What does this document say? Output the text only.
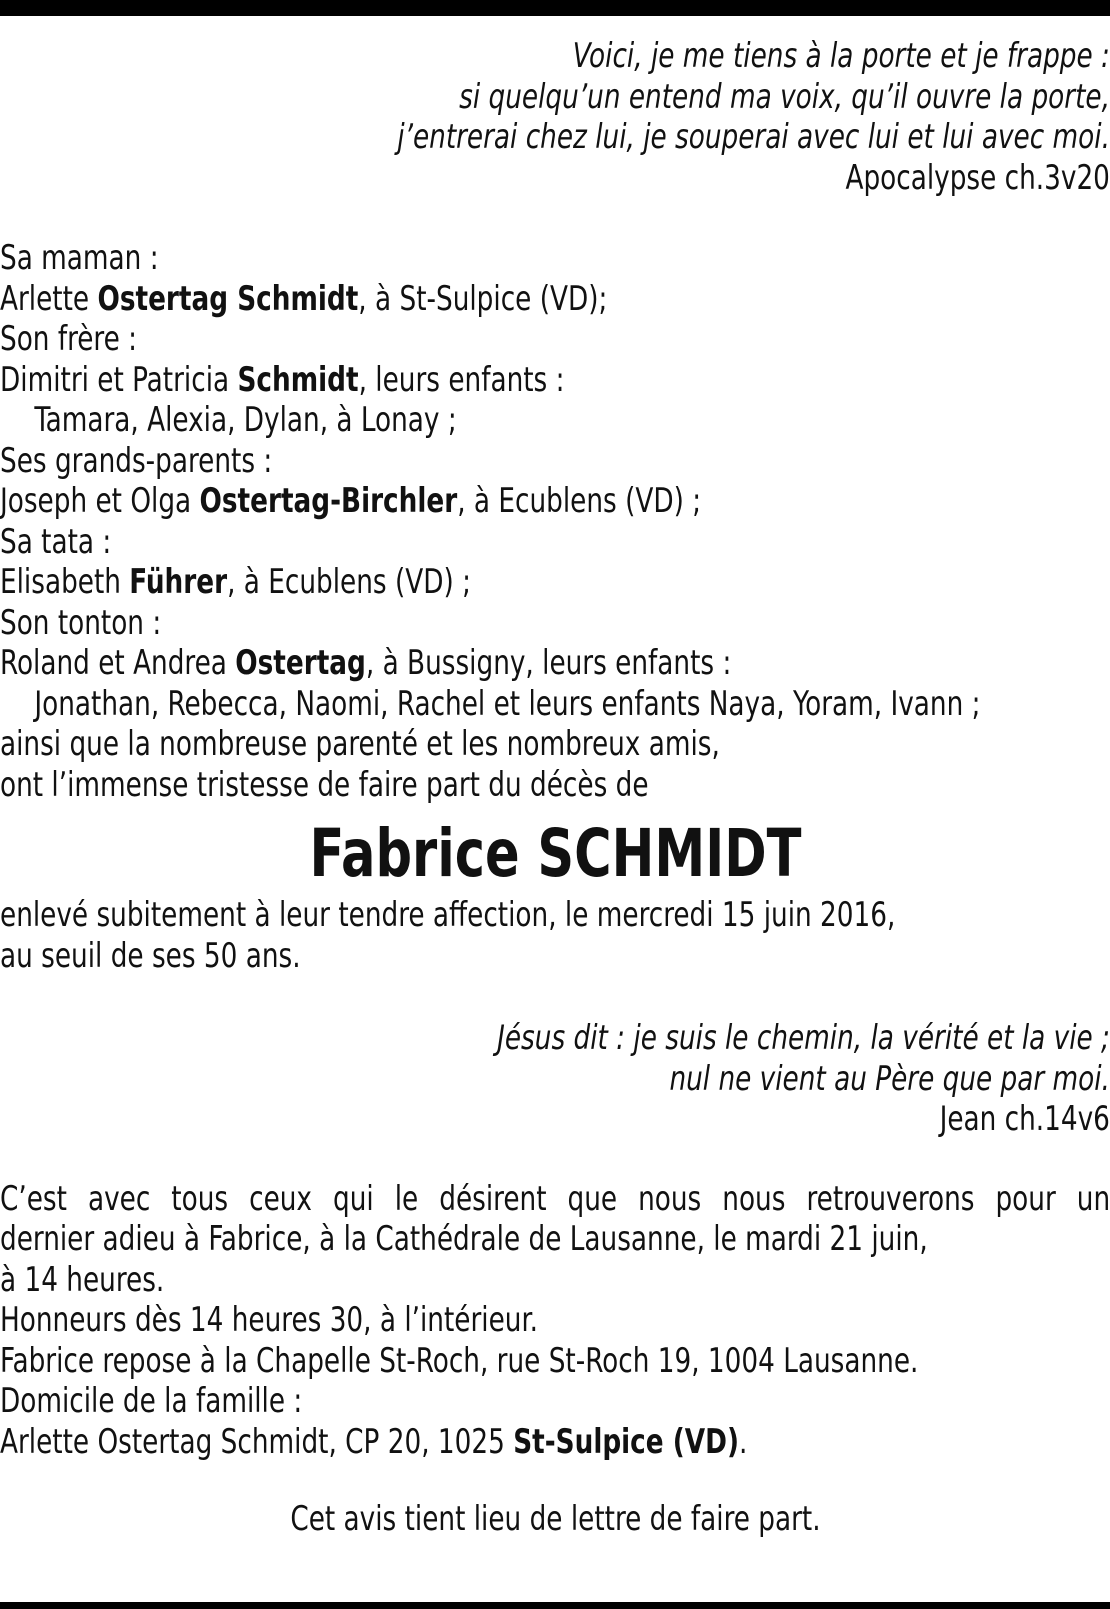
Voici, je me tiens à la porte et je frappe :
si quelqu’un entend ma voix, qu’il ouvre la porte,
j’entrerai chez lui, je souperai avec lui et lui avec moi.
Apocalypse ch.3v20
Sa maman :
Arlette Ostertag Schmidt, à St-Sulpice (VD);
Son frère :
Dimitri et Patricia Schmidt, leurs enfants :
Tamara, Alexia, Dylan, à Lonay ;
Ses grands-parents :
Joseph et Olga Ostertag-Birchler, à Ecublens (VD) ;
Sa tata :
Elisabeth Führer, à Ecublens (VD) ;
Son tonton :
Roland et Andrea Ostertag, à Bussigny, leurs enfants :
Jonathan, Rebecca, Naomi, Rachel et leurs enfants Naya, Yoram, Ivann ;
ainsi que la nombreuse parenté et les nombreux amis,
ont l’immense tristesse de faire part du décès de
Fabrice SCHMIDT
enlevé subitement à leur tendre affection, le mercredi 15 juin 2016,
au seuil de ses 50 ans.
Jésus dit : je suis le chemin, la vérité et la vie ;
nul ne vient au Père que par moi.
Jean ch.14v6
C’est avec tous ceux qui le désirent que nous nous retrouverons pour un
dernier adieu à Fabrice, à la Cathédrale de Lausanne, le mardi 21 juin,
à 14 heures.
Honneurs dès 14 heures 30, à l’intérieur.
Fabrice repose à la Chapelle St-Roch, rue St-Roch 19, 1004 Lausanne.
Domicile de la famille :
Arlette Ostertag Schmidt, CP 20, 1025 St-Sulpice (VD).
Cet avis tient lieu de lettre de faire part.
